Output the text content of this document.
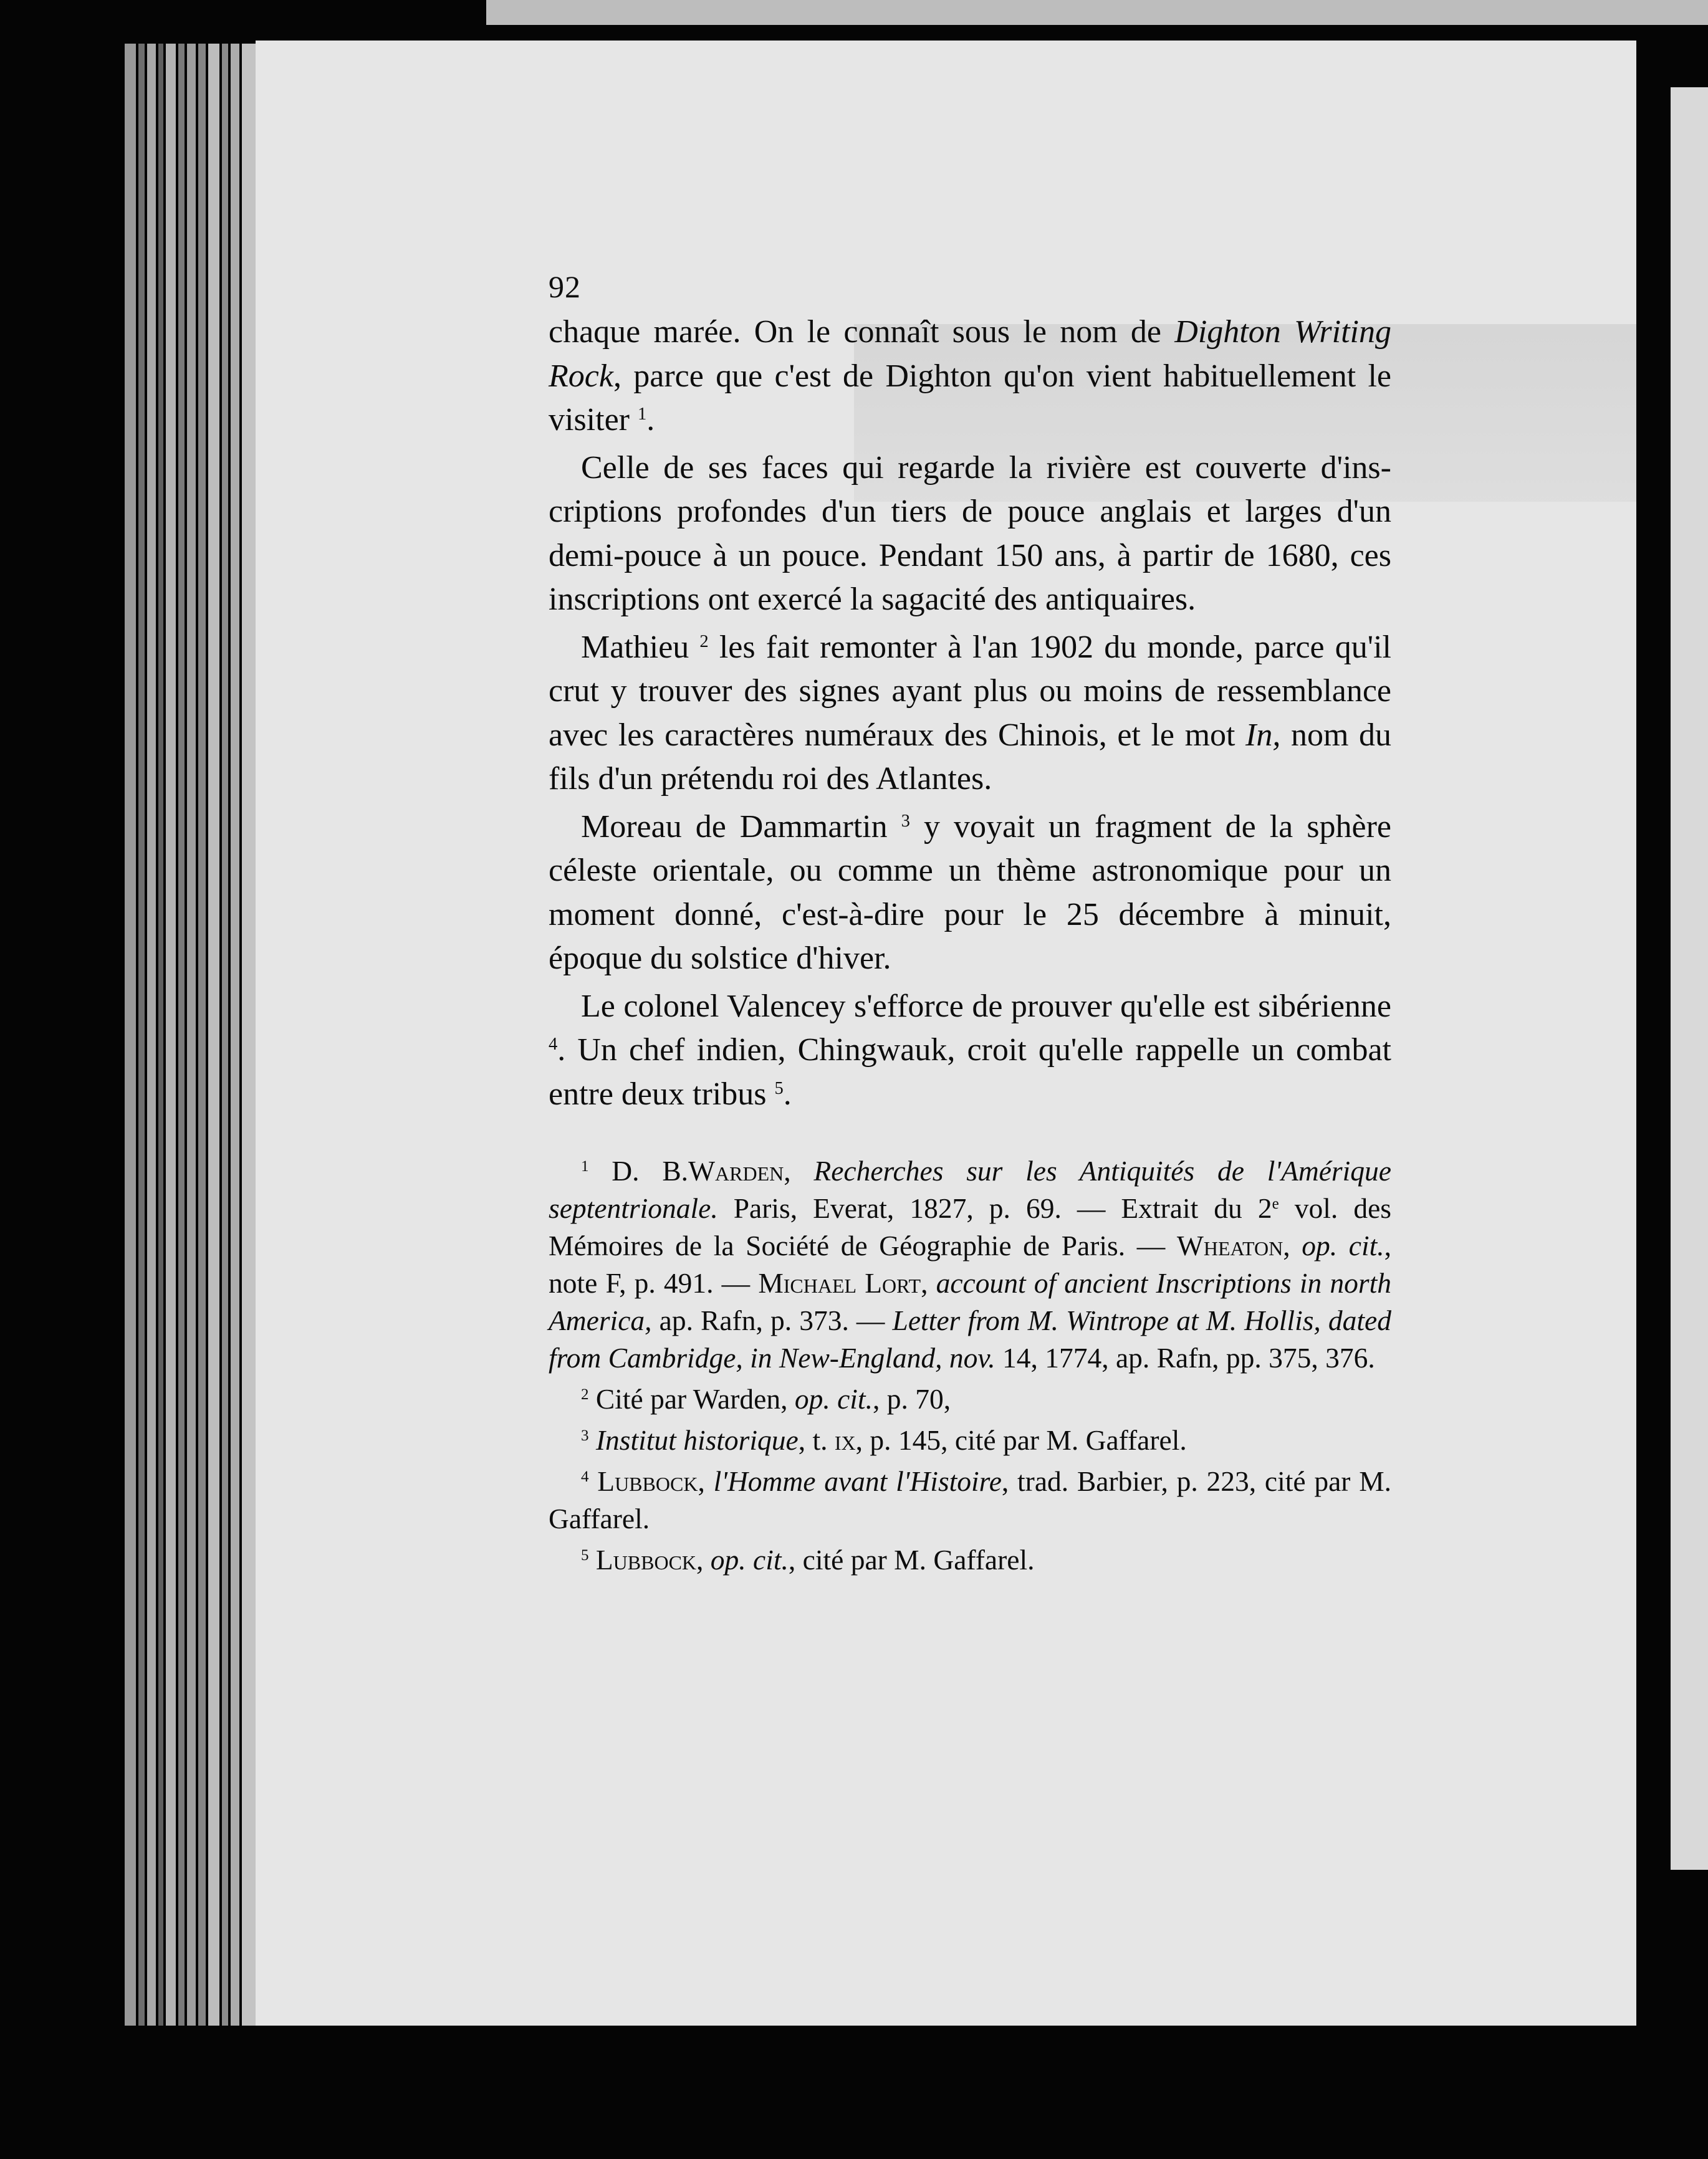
92

chaque marée. On le connaît sous le nom de Dighton Writing Rock, parce que c'est de Dighton qu'on vient habituellement le visiter $^1$.

Celle de ses faces qui regarde la rivière est couverte d'inscriptions profondes d'un tiers de pouce anglais et larges d'un demi-pouce à un pouce. Pendant 150 ans, à partir de 1680, ces inscriptions ont exercé la sagacité des antiquaires.

Mathieu $^2$ les fait remonter à l'an 1902 du monde, parce qu'il crut y trouver des signes ayant plus ou moins de ressemblance avec les caractères numéraux des Chinois, et le mot In, nom du fils d'un prétendu roi des Atlantes.

Moreau de Dammartin $^3$ y voyait un fragment de la sphère céleste orientale, ou comme un thème astronomique pour un moment donné, c'est-à-dire pour le 25 décembre à minuit, époque du solstice d'hiver.

Le colonel Valencey s'efforce de prouver qu'elle est sibérienne $^4$. Un chef indien, Chingwauk, croit qu'elle rappelle un combat entre deux tribus $^5$.

$^1$ D. B.Warden, Recherches sur les Antiquités de l'Amérique septentrionale. Paris, Everat, 1827, p. 69. — Extrait du 2e vol. des Mémoires de la Société de Géographie de Paris. — Wheaton, op. cit., note F, p. 491. — Michael Lort, account of ancient Inscriptions in north America, ap. Rafn, p. 373. — Letter from M. Wintrope at M. Hollis, dated from Cambridge, in New-England, nov. 14, 1774, ap. Rafn, pp. 375, 376.

$^2$ Cité par Warden, op. cit., p. 70,

$^3$ Institut historique, t. ix, p. 145, cité par M. Gaffarel.

$^4$ Lubbock, l'Homme avant l'Histoire, trad. Barbier, p. 223, cité par M. Gaffarel.

$^5$ Lubbock, op. cit., cité par M. Gaffarel.
